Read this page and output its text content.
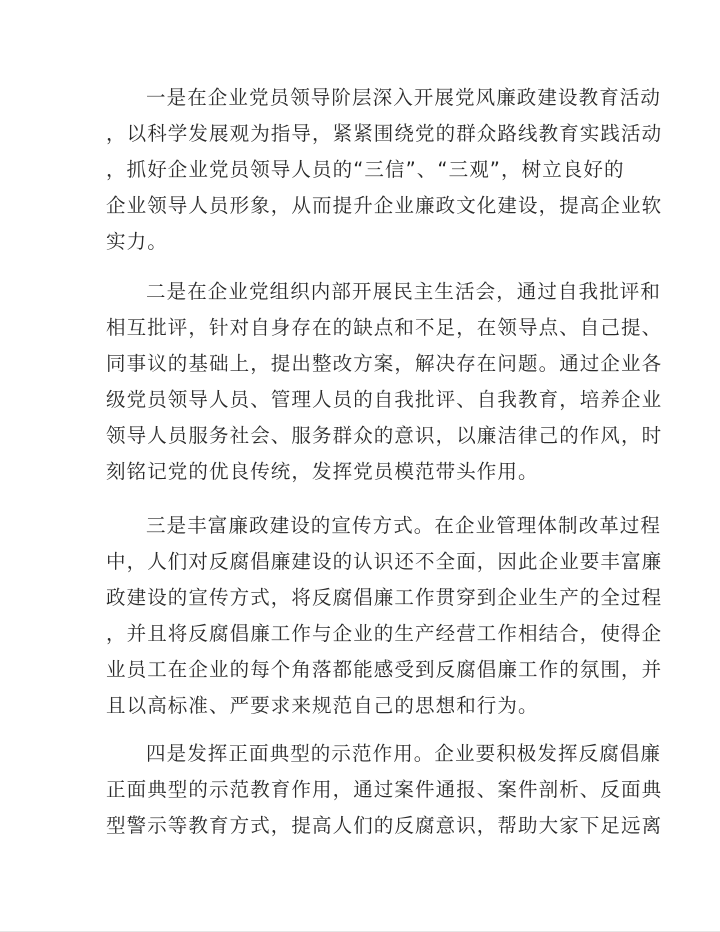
一是在企业党员领导阶层深入开展党风廉政建设教育活动
，以科学发展观为指导，紧紧围绕党的群众路线教育实践活动
，抓好企业党员领导人员的“三信”、“三观”，树立良好的
企业领导人员形象，从而提升企业廉政文化建设，提高企业软
实力。
二是在企业党组织内部开展民主生活会，通过自我批评和
相互批评，针对自身存在的缺点和不足，在领导点、自己提、
同事议的基础上，提出整改方案，解决存在问题。通过企业各
级党员领导人员、管理人员的自我批评、自我教育，培养企业
领导人员服务社会、服务群众的意识，以廉洁律己的作风，时
刻铭记党的优良传统，发挥党员模范带头作用。
三是丰富廉政建设的宣传方式。在企业管理体制改革过程
中，人们对反腐倡廉建设的认识还不全面，因此企业要丰富廉
政建设的宣传方式，将反腐倡廉工作贯穿到企业生产的全过程
，并且将反腐倡廉工作与企业的生产经营工作相结合，使得企
业员工在企业的每个角落都能感受到反腐倡廉工作的氛围，并
且以高标准、严要求来规范自己的思想和行为。
四是发挥正面典型的示范作用。企业要积极发挥反腐倡廉
正面典型的示范教育作用，通过案件通报、案件剖析、反面典
型警示等教育方式，提高人们的反腐意识，帮助大家下足远离
